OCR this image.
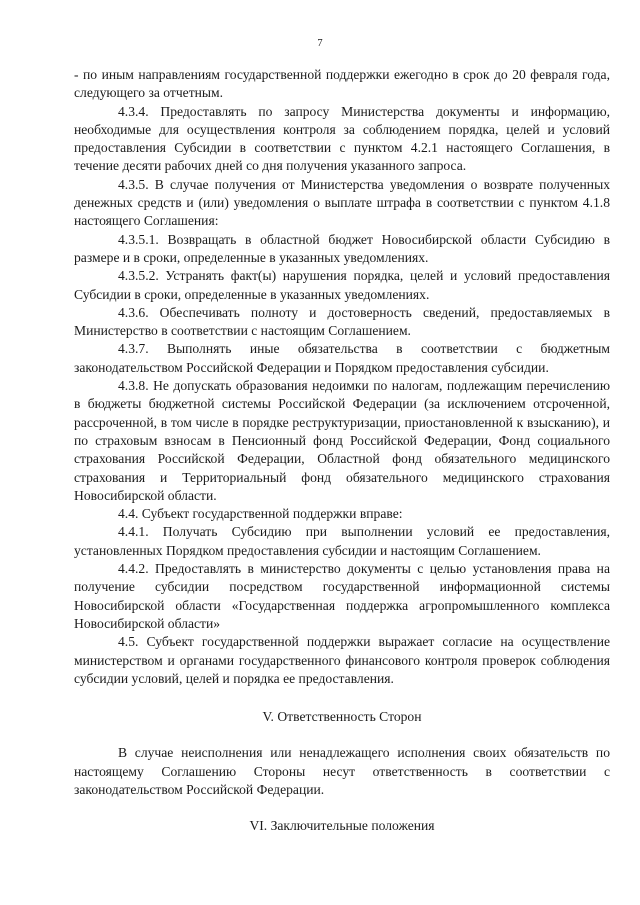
7

- по иным направлениям государственной поддержки ежегодно в срок до 20 февраля года, следующего за отчетным.

4.3.4. Предоставлять по запросу Министерства документы и информацию, необходимые для осуществления контроля за соблюдением порядка, целей и условий предоставления Субсидии в соответствии с пунктом 4.2.1 настоящего Соглашения, в течение десяти рабочих дней со дня получения указанного запроса.

4.3.5. В случае получения от Министерства уведомления о возврате полученных денежных средств и (или) уведомления о выплате штрафа в соответствии с пунктом 4.1.8 настоящего Соглашения:

4.3.5.1. Возвращать в областной бюджет Новосибирской области Субсидию в размере и в сроки, определенные в указанных уведомлениях.

4.3.5.2. Устранять факт(ы) нарушения порядка, целей и условий предоставления Субсидии в сроки, определенные в указанных уведомлениях.

4.3.6. Обеспечивать полноту и достоверность сведений, предоставляемых в Министерство в соответствии с настоящим Соглашением.

4.3.7. Выполнять иные обязательства в соответствии с бюджетным законодательством Российской Федерации и Порядком предоставления субсидии.

4.3.8. Не допускать образования недоимки по налогам, подлежащим перечислению в бюджеты бюджетной системы Российской Федерации (за исключением отсроченной, рассроченной, в том числе в порядке реструктуризации, приостановленной к взысканию), и по страховым взносам в Пенсионный фонд Российской Федерации, Фонд социального страхования Российской Федерации, Областной фонд обязательного медицинского страхования и Территориальный фонд обязательного медицинского страхования Новосибирской области.

4.4. Субъект государственной поддержки вправе:

4.4.1. Получать Субсидию при выполнении условий ее предоставления, установленных Порядком предоставления субсидии и настоящим Соглашением.

4.4.2. Предоставлять в министерство документы с целью установления права на получение субсидии посредством государственной информационной системы Новосибирской области «Государственная поддержка агропромышленного комплекса Новосибирской области»

4.5. Субъект государственной поддержки выражает согласие на осуществление министерством и органами государственного финансового контроля проверок соблюдения субсидии условий, целей и порядка ее предоставления.

V. Ответственность Сторон

В случае неисполнения или ненадлежащего исполнения своих обязательств по настоящему Соглашению Стороны несут ответственность в соответствии с законодательством Российской Федерации.

VI. Заключительные положения
